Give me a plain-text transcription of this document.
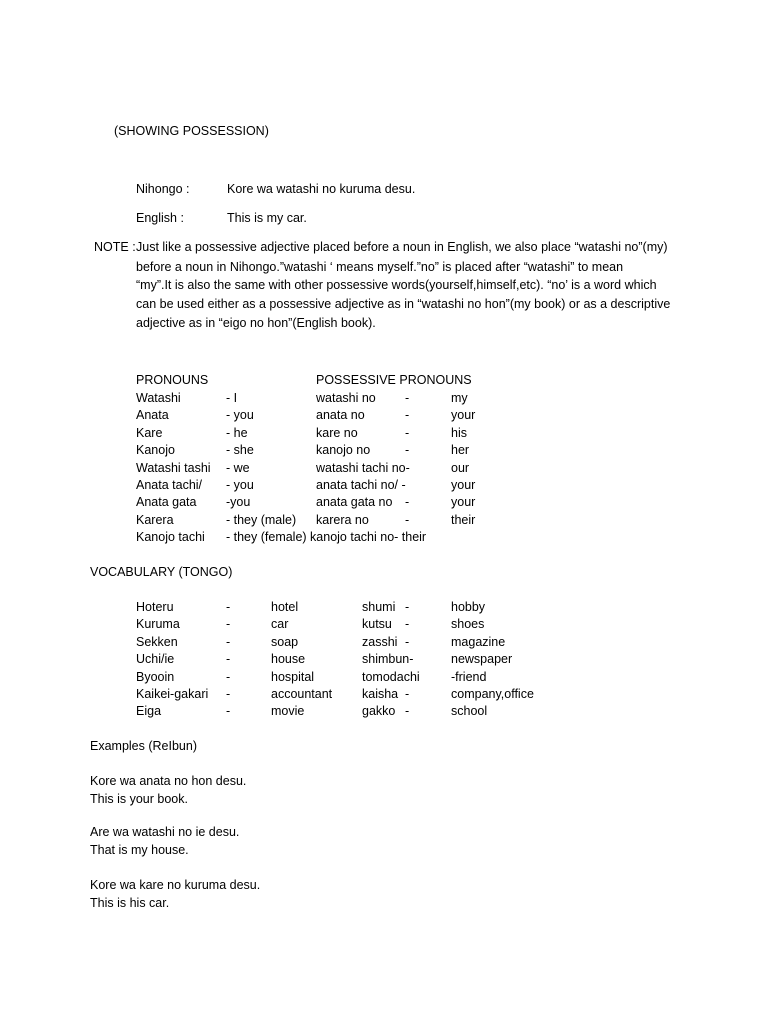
(SHOWING POSSESSION)
Nihongo :	Kore wa watashi no kuruma desu.
English :	This is my car.
NOTE : Just like a possessive adjective placed before a noun in English, we also place “watashi no”(my)
before a noun in Nihongo.”watashi ‘ means myself.”no” is placed after “watashi” to mean
“my”.It is also the same with other possessive words(yourself,himself,etc). “no’ is a word which
can be used either as a possessive adjective as in “watashi no hon”(my book) or as a descriptive
adjective as in “eigo no hon”(English book).
PRONOUNS	POSSESSIVE PRONOUNS
Watashi	- I	watashi no -	my
Anata	- you	anata no	-	your
Kare	- he	kare no	-	his
Kanojo	- she	kanojo no	-	her
Watashi tashi - we	watashi tachi no-	our
Anata tachi/ - you	anata tachi no/ -	your
Anata gata -you	anata gata no -	your
Karera	- they (male) karera no	-	their
Kanojo tachi - they (female) kanojo tachi no- their
VOCABULARY (TONGO)
Hoteru	-	hotel	shumi -	hobby
Kuruma	-	car	kutsu -	shoes
Sekken	-	soap	zasshi -	magazine
Uchi/ie	-	house	shimbun-	newspaper
Byooin	-	hospital	tomodachi	-friend
Kaikei-gakari -	accountant kaisha -	company,office
Eiga	-	movie	gakko -	school
Examples (ReIbun)
Kore wa anata no hon desu.
This is your book.
Are wa watashi no ie desu.
That is my house.
Kore wa kare no kuruma desu.
This is his car.
